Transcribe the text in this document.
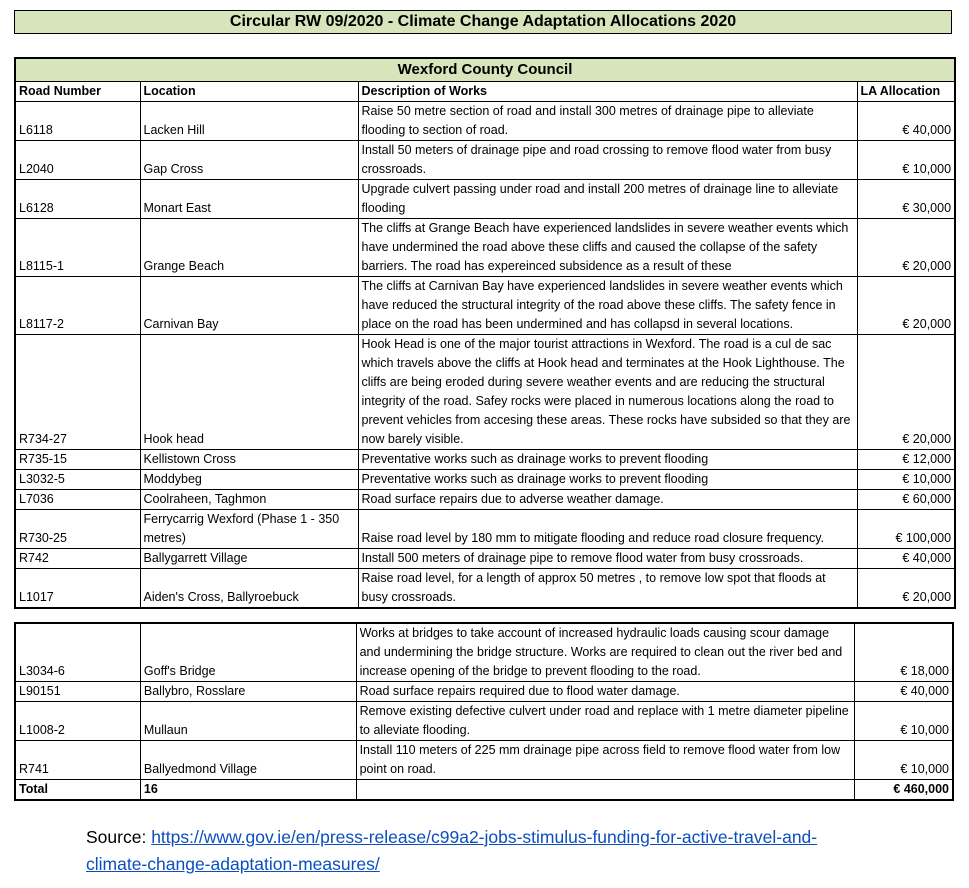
Circular RW 09/2020 - Climate Change Adaptation Allocations 2020
Wexford County Council			
Road Number	Location	Description of Works	LA Allocation
L6118	Lacken Hill	Raise 50 metre section of road and install 300 metres of drainage pipe to alleviate flooding to section of road.	€ 40,000
L2040	Gap Cross	Install 50 meters of drainage pipe and road crossing to remove flood water from busy crossroads.	€ 10,000
L6128	Monart East	Upgrade culvert passing under road and install 200 metres of drainage line to alleviate flooding	€ 30,000
L8115-1	Grange Beach	The cliffs at Grange Beach have experienced landslides in severe weather events which have undermined the road above these cliffs and caused the collapse of the safety barriers. The road has expereinced subsidence as a result of these	€ 20,000
L8117-2	Carnivan Bay	The cliffs at Carnivan Bay have experienced landslides in severe weather events which have reduced the structural integrity of the road above these cliffs. The safety fence in place on the road has been undermined and has collapsd in several locations.	€ 20,000
R734-27	Hook head	Hook Head is one of the major tourist attractions in Wexford. The road is a cul de sac which travels above the cliffs at Hook head and terminates at the Hook Lighthouse. The cliffs are being eroded during severe weather events and are reducing the structural integrity of the road. Safey rocks were placed in numerous locations along the road to prevent vehicles from accesing these areas. These rocks have subsided so that they are now barely visible.	€ 20,000
R735-15	Kellistown Cross	Preventative works such as drainage works to prevent flooding	€ 12,000
L3032-5	Moddybeg	Preventative works such as drainage works to prevent flooding	€ 10,000
L7036	Coolraheen, Taghmon	Road surface repairs due to adverse weather damage.	€ 60,000
R730-25	Ferrycarrig Wexford (Phase 1 - 350 metres)	Raise road level by 180 mm to mitigate flooding and reduce road closure frequency.	€ 100,000
R742	Ballygarrett Village	Install 500 meters of drainage pipe to remove flood water from busy crossroads.	€ 40,000
L1017	Aiden's Cross, Ballyroebuck	Raise road level, for a length of approx 50 metres , to remove low spot that floods at busy crossroads.	€ 20,000
L3034-6	Goff's Bridge	Works at bridges to take account of increased hydraulic loads causing scour damage and undermining the bridge structure. Works are required to clean out the river bed and increase opening of the bridge to prevent flooding to the road.	€ 18,000
L90151	Ballybro, Rosslare	Road surface repairs required due to flood water damage.	€ 40,000
L1008-2	Mullaun	Remove existing defective culvert under road and replace with 1 metre diameter pipeline to alleviate flooding.	€ 10,000
R741	Ballyedmond Village	Install 110 meters of 225 mm drainage pipe across field to remove flood water from low point on road.	€ 10,000
Total	16		€ 460,000
Source: https://www.gov.ie/en/press-release/c99a2-jobs-stimulus-funding-for-active-travel-and-climate-change-adaptation-measures/
